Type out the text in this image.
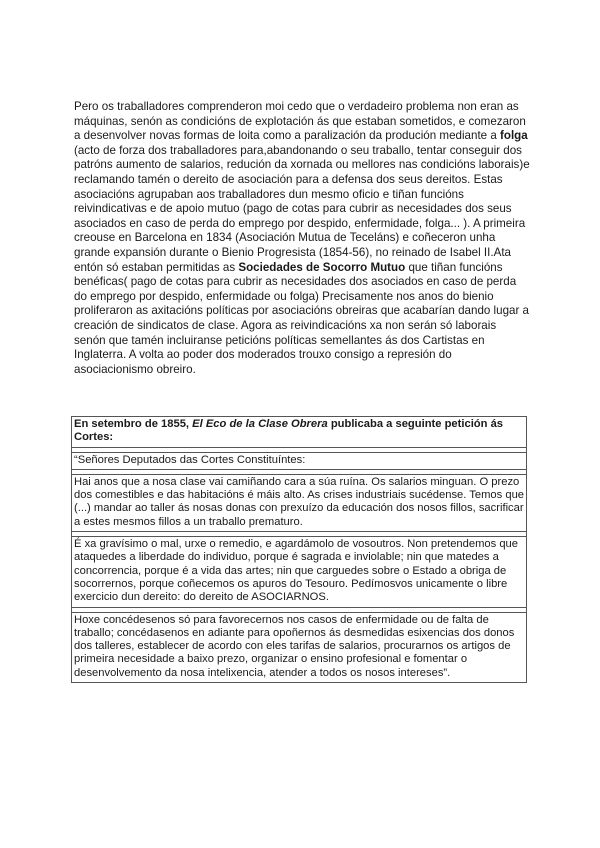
Pero os traballadores comprenderon moi cedo que o verdadeiro problema non eran as máquinas, senón as condicións de explotación ás que estaban sometidos, e comezaron a desenvolver novas formas de loita como a paralización da produción mediante a folga (acto de forza dos traballadores para,abandonando o seu traballo, tentar conseguir dos patróns aumento de salarios, redución da xornada ou mellores nas condicións laborais)e reclamando tamén o dereito de asociación para a defensa dos seus dereitos. Estas asociacións agrupaban aos traballadores dun mesmo oficio e tiñan funcións reivindicativas e de apoio mutuo (pago de cotas para cubrir as necesidades dos seus asociados en caso de perda do emprego por despido, enfermidade, folga... ). A primeira creouse en Barcelona en 1834 (Asociación Mutua de Teceláns) e coñeceron unha grande expansión durante o Bienio Progresista (1854-56), no reinado de Isabel II.Ata entón só estaban permitidas as Sociedades de Socorro Mutuo que tiñan funcións benéficas( pago de cotas para cubrir as necesidades dos asociados en caso de perda do emprego por despido, enfermidade ou folga) Precisamente nos anos do bienio proliferaron as axitacións políticas por asociacións obreiras que acabarían dando lugar a creación de sindicatos de clase. Agora as reivindicacións xa non serán só laborais senón que tamén incluiranse peticións políticas semellantes ás dos Cartistas en Inglaterra. A volta ao poder dos moderados trouxo consigo a represión do asociacionismo obreiro.

En setembro de 1855, El Eco de la Clase Obrera publicaba a seguinte petición ás Cortes:

“Señores Deputados das Cortes Constituíntes:

Hai anos que a nosa clase vai camiñando cara a súa ruína. Os salarios minguan. O prezo dos comestibles e das habitacións é máis alto. As crises industriais sucédense. Temos que (...) mandar ao taller ás nosas donas con prexuízo da educación dos nosos fillos, sacrificar a estes mesmos fillos a un traballo prematuro.

É xa gravísimo o mal, urxe o remedio, e agardámolo de vosoutros. Non pretendemos que ataquedes a liberdade do individuo, porque é sagrada e inviolable; nin que matedes a concorrencia, porque é a vida das artes; nin que carguedes sobre o Estado a obriga de socorrernos, porque coñecemos os apuros do Tesouro. Pedímosvos unicamente o libre exercicio dun dereito: do dereito de ASOCIARNOS.

Hoxe concédesenos só para favorecernos nos casos de enfermidade ou de falta de traballo; concédasenos en adiante para opoñernos ás desmedidas esixencias dos donos dos talleres, establecer de acordo con eles tarifas de salarios, procurarnos os artigos de primeira necesidade a baixo prezo, organizar o ensino profesional e fomentar o desenvolvemento da nosa intelixencia, atender a todos os nosos intereses”.
